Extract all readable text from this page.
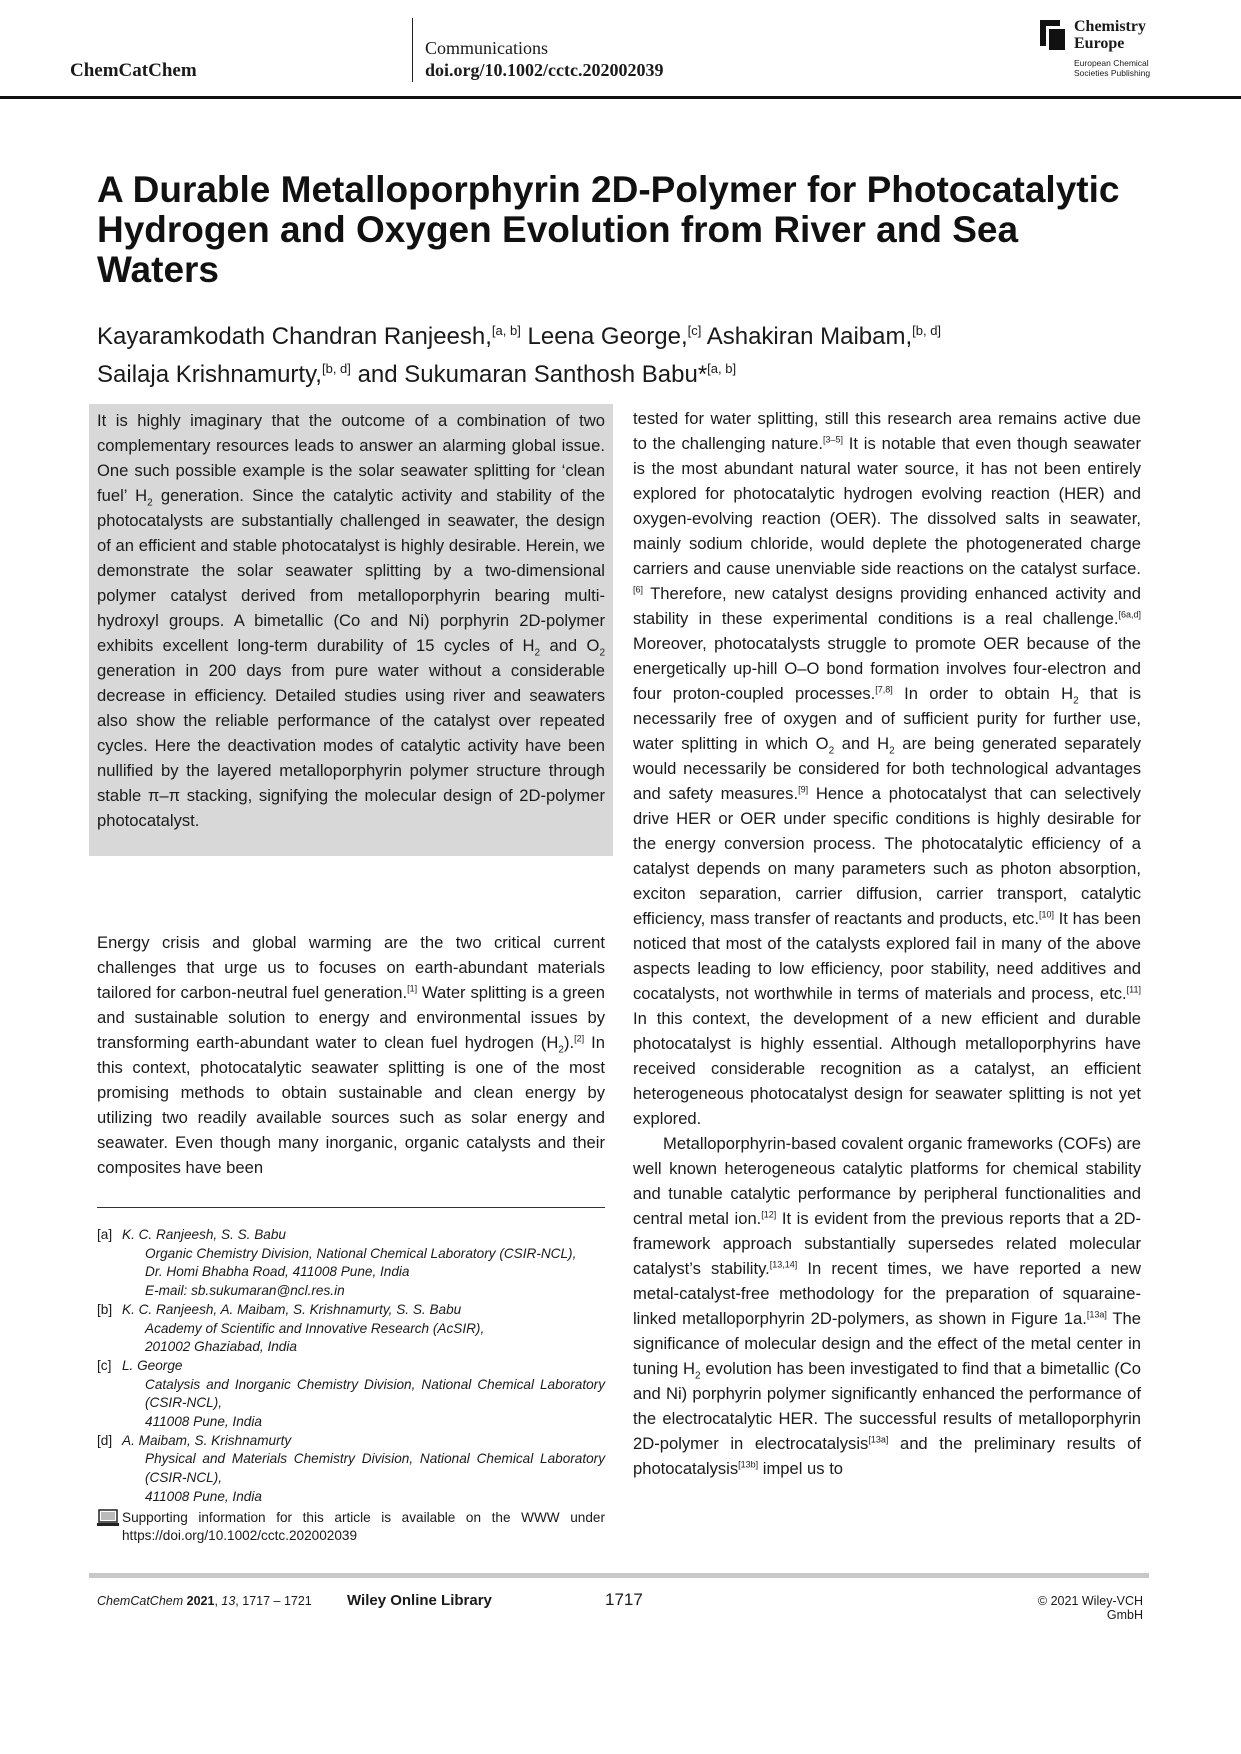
ChemCatChem
Communications
doi.org/10.1002/cctc.202002039
Chemistry
Europe
European Chemical
Societies Publishing
A Durable Metalloporphyrin 2D-Polymer for Photocatalytic Hydrogen and Oxygen Evolution from River and Sea Waters
Kayaramkodath Chandran Ranjeesh,[a, b] Leena George,[c] Ashakiran Maibam,[b, d]
Sailaja Krishnamurty,[b, d] and Sukumaran Santhosh Babu*[a, b]
It is highly imaginary that the outcome of a combination of two complementary resources leads to answer an alarming global issue. One such possible example is the solar seawater splitting for ‘clean fuel’ $H_2$ generation. Since the catalytic activity and stability of the photocatalysts are substantially challenged in seawater, the design of an efficient and stable photocatalyst is highly desirable. Herein, we demonstrate the solar seawater splitting by a two-dimensional polymer catalyst derived from metalloporphyrin bearing multi-hydroxyl groups. A bimetallic (Co and Ni) porphyrin 2D-polymer exhibits excellent long-term durability of 15 cycles of $H_2$ and $O_2$ generation in 200 days from pure water without a considerable decrease in efficiency. Detailed studies using river and seawaters also show the reliable performance of the catalyst over repeated cycles. Here the deactivation modes of catalytic activity have been nullified by the layered metalloporphyrin polymer structure through stable π–π stacking, signifying the molecular design of 2D-polymer photocatalyst.
Energy crisis and global warming are the two critical current challenges that urge us to focuses on earth-abundant materials tailored for carbon-neutral fuel generation.[1] Water splitting is a green and sustainable solution to energy and environmental issues by transforming earth-abundant water to clean fuel hydrogen $(H_2).[2]$ In this context, photocatalytic seawater splitting is one of the most promising methods to obtain sustainable and clean energy by utilizing two readily available sources such as solar energy and seawater. Even though many inorganic, organic catalysts and their composites have been

tested for water splitting, still this research area remains active due to the challenging nature.[3–5] It is notable that even though seawater is the most abundant natural water source, it has not been entirely explored for photocatalytic hydrogen evolving reaction (HER) and oxygen-evolving reaction (OER). The dissolved salts in seawater, mainly sodium chloride, would deplete the photogenerated charge carriers and cause unenviable side reactions on the catalyst surface.[6] Therefore, new catalyst designs providing enhanced activity and stability in these experimental conditions is a real challenge.[6a,d] Moreover, photocatalysts struggle to promote OER because of the energetically up-hill O–O bond formation involves four-electron and four proton-coupled processes.[7,8] In order to obtain $H_2$ that is necessarily free of oxygen and of sufficient purity for further use, water splitting in which $O_2$ and $H_2$ are being generated separately would necessarily be considered for both technological advantages and safety measures.[9] Hence a photocatalyst that can selectively drive HER or OER under specific conditions is highly desirable for the energy conversion process. The photocatalytic efficiency of a catalyst depends on many parameters such as photon absorption, exciton separation, carrier diffusion, carrier transport, catalytic efficiency, mass transfer of reactants and products, etc.[10] It has been noticed that most of the catalysts explored fail in many of the above aspects leading to low efficiency, poor stability, need additives and cocatalysts, not worthwhile in terms of materials and process, etc.[11] In this context, the development of a new efficient and durable photocatalyst is highly essential. Although metalloporphyrins have received considerable recognition as a catalyst, an efficient heterogeneous photocatalyst design for seawater splitting is not yet explored.

Metalloporphyrin-based covalent organic frameworks (COFs) are well known heterogeneous catalytic platforms for chemical stability and tunable catalytic performance by peripheral functionalities and central metal ion.[12] It is evident from the previous reports that a 2D-framework approach substantially supersedes related molecular catalyst’s stability.[13,14] In recent times, we have reported a new metal-catalyst-free methodology for the preparation of squaraine-linked metalloporphyrin 2D-polymers, as shown in Figure 1a.[13a] The significance of molecular design and the effect of the metal center in tuning $H_2$ evolution has been investigated to find that a bimetallic (Co and Ni) porphyrin polymer significantly enhanced the performance of the electrocatalytic HER. The successful results of metalloporphyrin 2D-polymer in electrocatalysis[13a] and the preliminary results of photocatalysis[13b] impel us to

[a] K. C. Ranjeesh, S. S. Babu
Organic Chemistry Division, National Chemical Laboratory (CSIR-NCL),
Dr. Homi Bhabha Road, 411008 Pune, India
E-mail: sb.sukumaran@ncl.res.in
[b] K. C. Ranjeesh, A. Maibam, S. Krishnamurty, S. S. Babu
Academy of Scientific and Innovative Research (AcSIR),
201002 Ghaziabad, India
[c] L. George
Catalysis and Inorganic Chemistry Division, National Chemical Laboratory (CSIR-NCL),
411008 Pune, India
[d] A. Maibam, S. Krishnamurty
Physical and Materials Chemistry Division, National Chemical Laboratory (CSIR-NCL),
411008 Pune, India
Supporting information for this article is available on the WWW under https://doi.org/10.1002/cctc.202002039
ChemCatChem 2021, 13, 1717 – 1721 Wiley Online Library	1717	© 2021 Wiley-VCH GmbH
